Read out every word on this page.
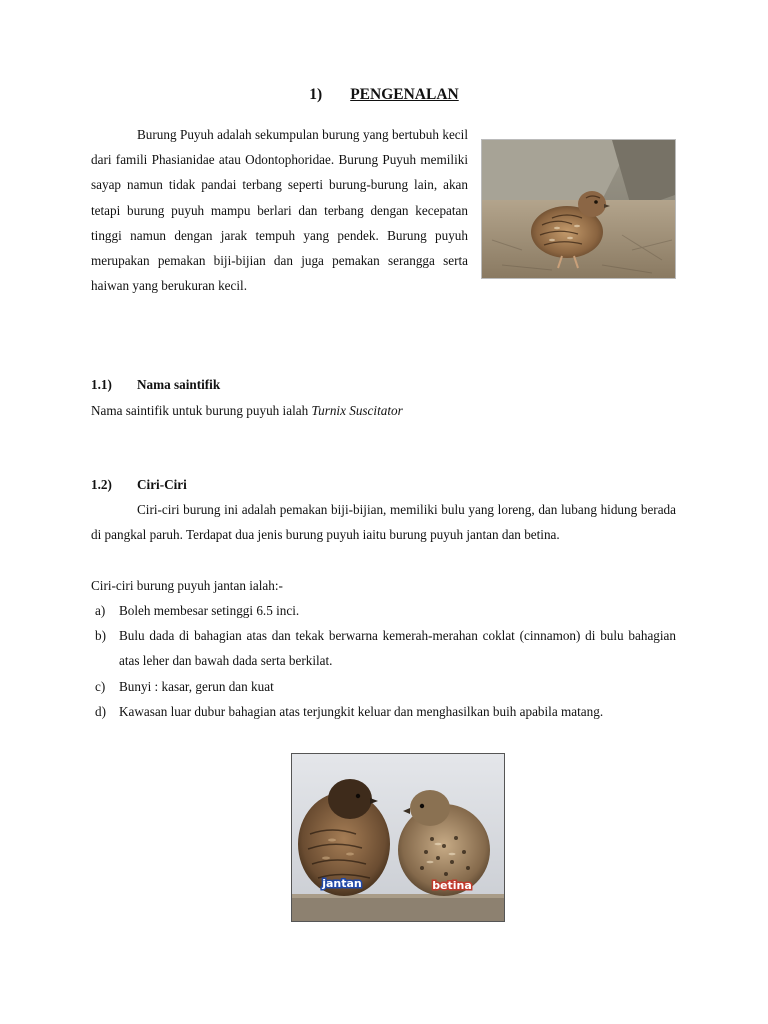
1) PENGENALAN

Burung Puyuh adalah sekumpulan burung yang bertubuh kecil dari famili Phasianidae atau Odontophoridae. Burung Puyuh memiliki sayap namun tidak pandai terbang seperti burung-burung lain, akan tetapi burung puyuh mampu berlari dan terbang dengan kecepatan tinggi namun dengan jarak tempuh yang pendek. Burung puyuh merupakan pemakan biji-bijian dan juga pemakan serangga serta haiwan yang berukuran kecil.

1.1) Nama saintifik

Nama saintifik untuk burung puyuh ialah Turnix Suscitator

1.2) Ciri-Ciri

Ciri-ciri burung ini adalah pemakan biji-bijian, memiliki bulu yang loreng, dan lubang hidung berada di pangkal paruh. Terdapat dua jenis burung puyuh iaitu burung puyuh jantan dan betina.

Ciri-ciri burung puyuh jantan ialah:-

a) Boleh membesar setinggi 6.5 inci.
b) Bulu dada di bahagian atas dan tekak berwarna kemerah-merahan coklat (cinnamon) di bulu bahagian atas leher dan bawah dada serta berkilat.
c) Bunyi : kasar, gerun dan kuat
d) Kawasan luar dubur bahagian atas terjungkit keluar dan menghasilkan buih apabila matang.
jantan	betina
